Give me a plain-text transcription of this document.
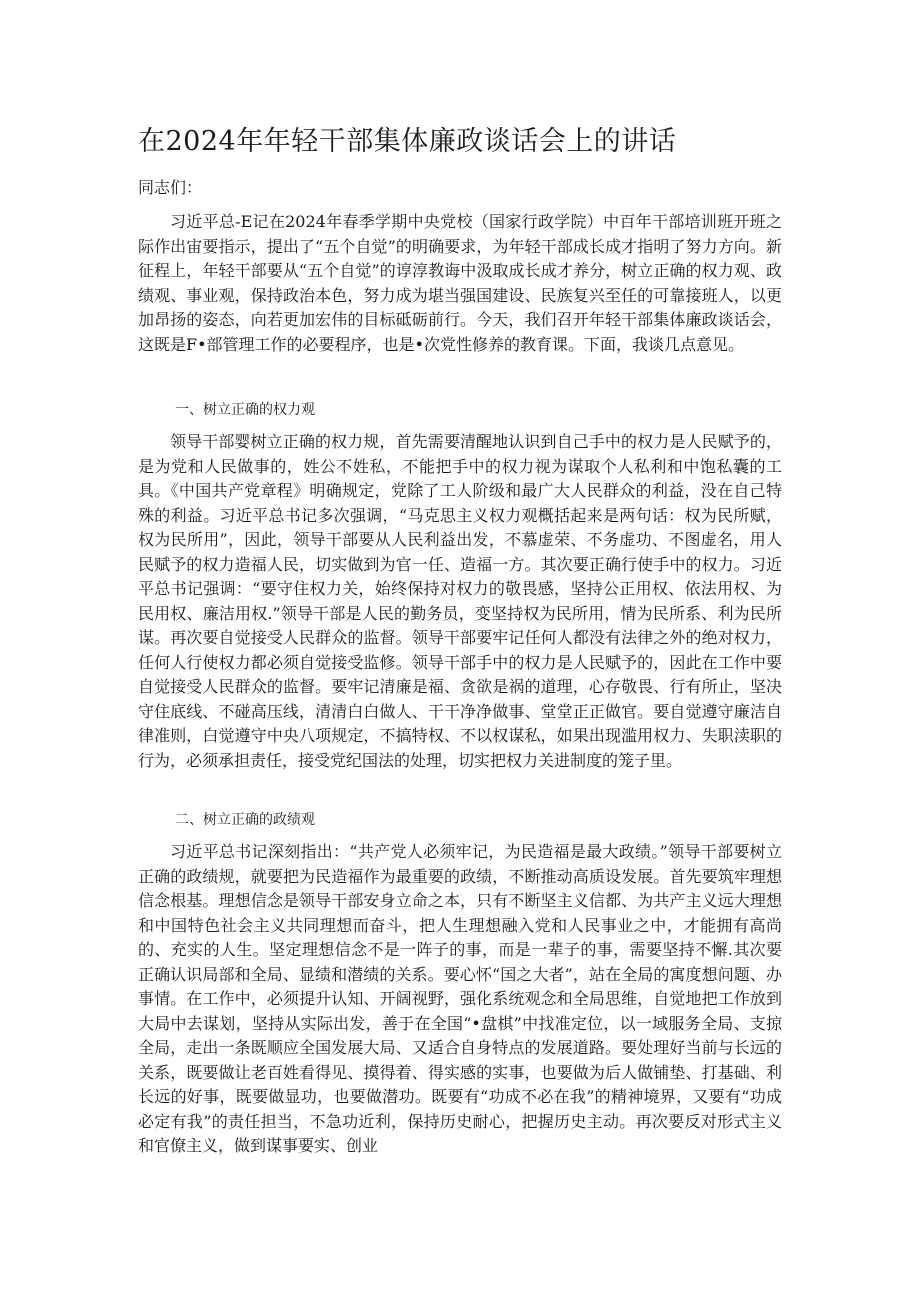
在2024年年轻干部集体廉政谈话会上的讲话

同志们：

习近平总-E记在2024年春季学期中央党校（国家行政学院）中百年干部培训班开班之际作出宙要指示，提出了“五个自觉”的明确要求，为年轻干部成长成才指明了努力方向。新征程上，年轻干部要从“五个自觉”的谆淳教诲中汲取成长成才养分，树立正确的权力观、政绩观、事业观，保持政治本色，努力成为堪当强国建设、民族复兴至任的可靠接班人，以更加昂扬的姿态，向若更加宏伟的目标砥砺前行。今天，我们召开年轻干部集体廉政谈话会，这既是F•部管理工作的必要程序，也是•次党性修养的教育课。下面，我谈几点意见。

一、树立正确的权力观

领导干部婴树立正确的权力规，首先需要清醒地认识到自己手中的权力是人民赋予的，是为党和人民做事的，姓公不姓私，不能把手中的权力视为谋取个人私利和中饱私囊的工具。《中国共产党章程》明确规定，党除了工人阶级和最广大人民群众的利益，没在自己特殊的利益。习近平总书记多次强调，“马克思主义权力观概括起来是两句话：权为民所赋，权为民所用”，因此，领导干部要从人民利益出发，不慕虚荣、不务虚功、不图虚名，用人民赋予的权力造福人民，切实做到为官一任、造福一方。其次要正确行使手中的权力。习近平总书记强调：“要守住权力关，始终保持对权力的敬畏感，坚持公正用权、依法用权、为民用权、廉洁用权.”领导干部是人民的勤务员，变坚持权为民所用，情为民所系、利为民所谋。再次要自觉接受人民群众的监督。领导干部要牢记任何人都没有法律之外的绝对权力，任何人行使权力都必须自觉接受监修。领导干部手中的权力是人民赋予的，因此在工作中要自觉接受人民群众的监督。要牢记清廉是福、贪欲是祸的道理，心存敬畏、行有所止，坚决守住底线、不碰高压线，清清白白做人、干干净净做事、堂堂正正做官。要自觉遵守廉洁自律准则，白觉遵守中央八项规定，不搞特权、不以权谋私，如果出现滥用权力、失职渎职的行为，必须承担责任，接受党纪国法的处理，切实把权力关进制度的笼子里。

二、树立正确的政绩观

习近平总书记深刻指出：“共产党人必须牢记，为民造福是最大政绩。”领导干部要树立正确的政绩规，就要把为民造福作为最重要的政绩，不断推动高质设发展。首先要筑牢理想信念根基。理想信念是领导干部安身立命之本，只有不断坚主义信都、为共产主义远大理想和中国特色社会主义共同理想而奋斗，把人生理想融入党和人民事业之中，才能拥有高尚的、充实的人生。坚定理想信念不是一阵子的事，而是一辈子的事，需要坚持不懈.其次要正确认识局部和全局、显绩和潜绩的关系。要心怀“国之大者”，站在全局的寓度想问题、办事情。在工作中，必须提升认知、开阔视野，强化系统观念和全局思维，自觉地把工作放到大局中去谋划，坚持从实际出发，善于在全国“•盘棋”中找准定位，以一域服务全局、支掠全局，走出一条既顺应全国发展大局、又适合自身特点的发展道路。要处理好当前与长远的关系，既要做让老百姓看得见、摸得着、得实感的实事，也要做为后人做铺垫、打基础、利长远的好事，既要做显功，也要做潜功。既要有“功成不必在我”的精神境界，又要有“功成必定有我”的责任担当，不急功近利，保持历史耐心，把握历史主动。再次要反对形式主义和官僚主义，做到谋事要实、创业
